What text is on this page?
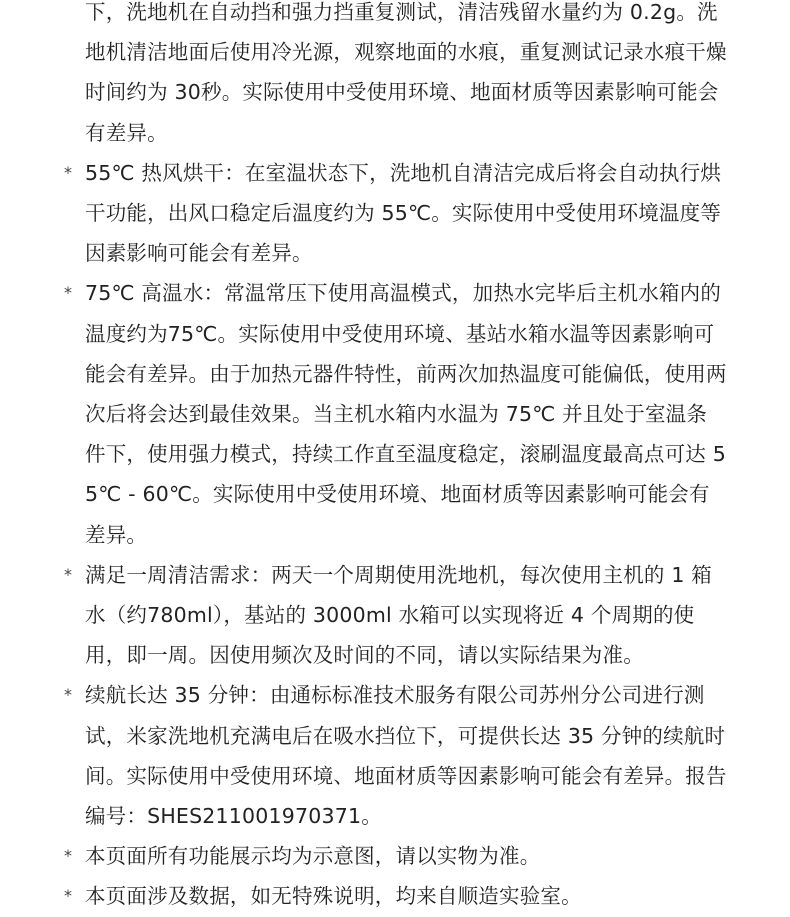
下，洗地机在自动挡和强力挡重复测试，清洁残留水量约为 0.2g。洗地机清洁地面后使用冷光源，观察地面的水痕，重复测试记录水痕干燥时间约为 30秒。实际使用中受使用环境、地面材质等因素影响可能会有差异。
* 55℃ 热风烘干：在室温状态下，洗地机自清洁完成后将会自动执行烘干功能，出风口稳定后温度约为 55℃。实际使用中受使用环境温度等因素影响可能会有差异。
* 75℃ 高温水：常温常压下使用高温模式，加热水完毕后主机水箱内的温度约为75℃。实际使用中受使用环境、基站水箱水温等因素影响可能会有差异。由于加热元器件特性，前两次加热温度可能偏低，使用两次后将会达到最佳效果。当主机水箱内水温为 75℃ 并且处于室温条件下，使用强力模式，持续工作直至温度稳定，滚刷温度最高点可达 55℃ - 60℃。实际使用中受使用环境、地面材质等因素影响可能会有差异。
* 满足一周清洁需求：两天一个周期使用洗地机，每次使用主机的 1 箱水（约780ml），基站的 3000ml 水箱可以实现将近 4 个周期的使用，即一周。因使用频次及时间的不同，请以实际结果为准。
* 续航长达 35 分钟：由通标标准技术服务有限公司苏州分公司进行测试，米家洗地机充满电后在吸水挡位下，可提供长达 35 分钟的续航时间。实际使用中受使用环境、地面材质等因素影响可能会有差异。报告编号：SHES211001970371。
* 本页面所有功能展示均为示意图，请以实物为准。
* 本页面涉及数据，如无特殊说明，均来自顺造实验室。
